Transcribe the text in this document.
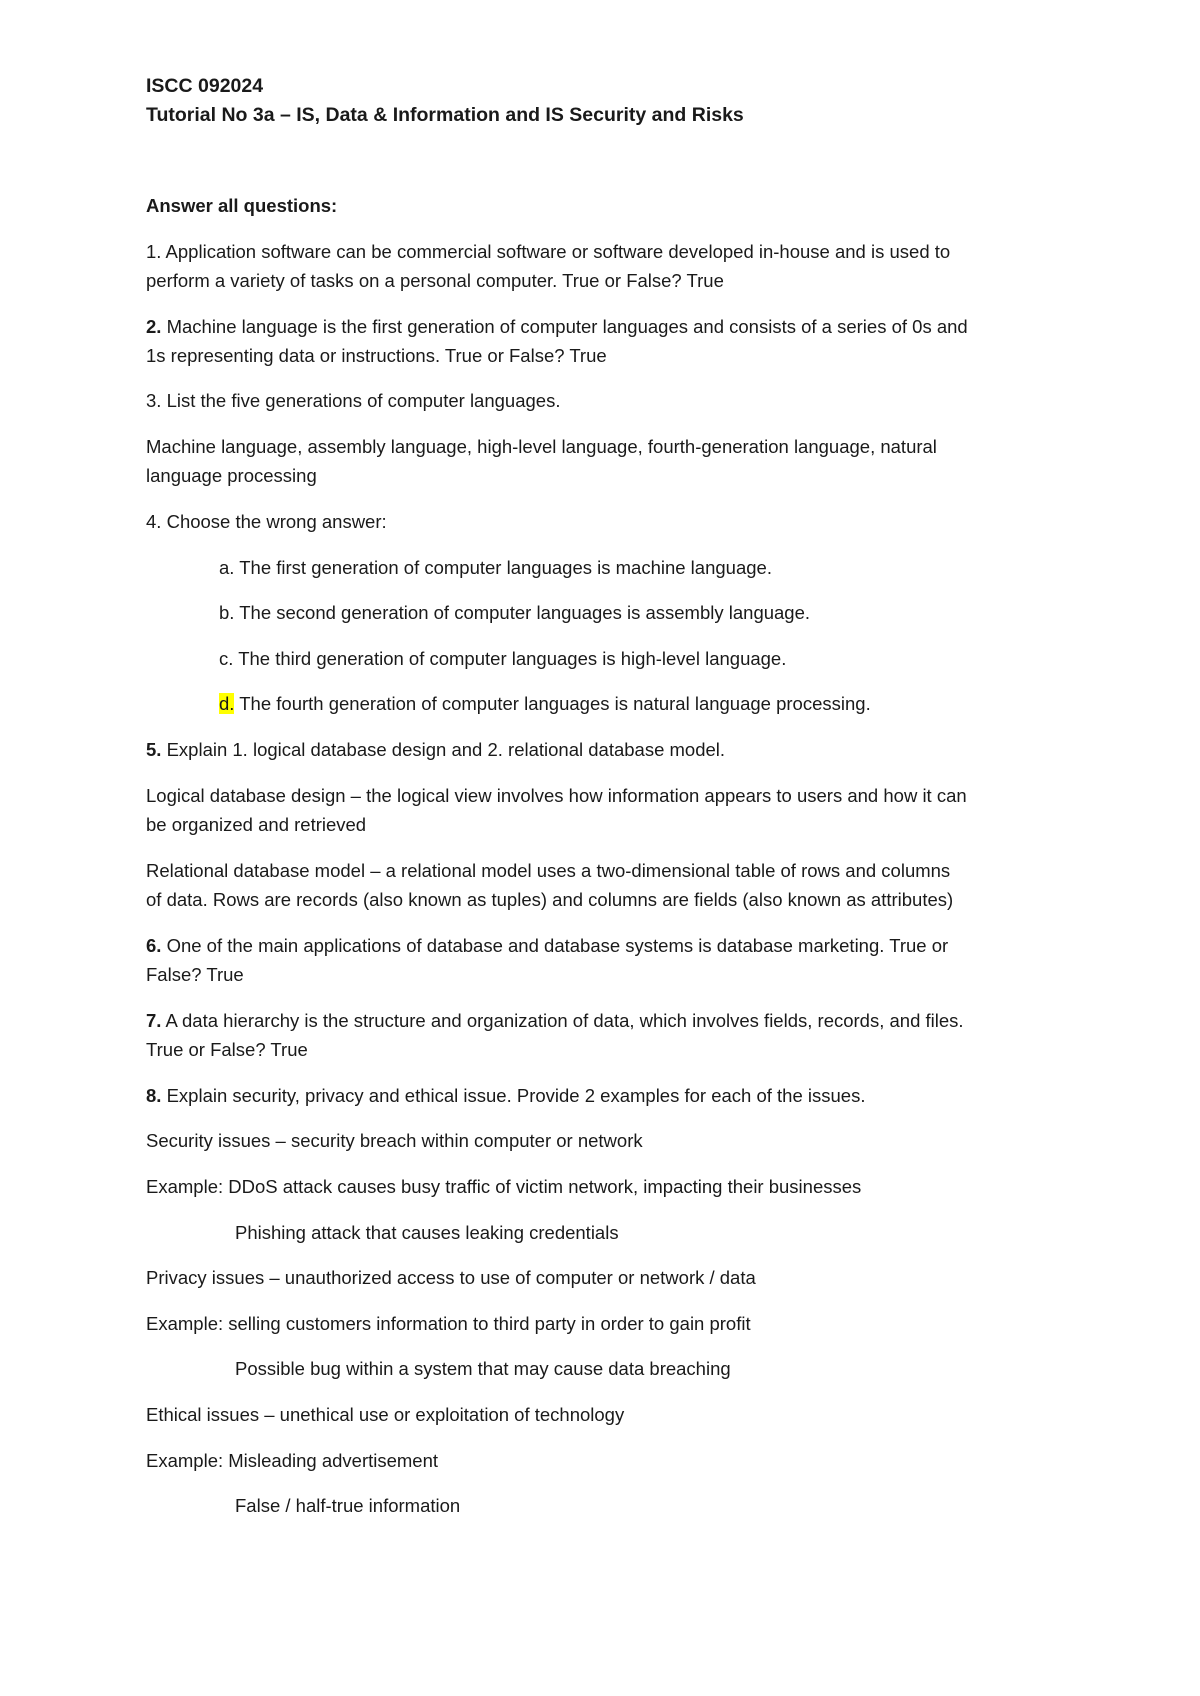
ISCC 092024
Tutorial No 3a – IS, Data & Information and IS Security and Risks
Answer all questions:
1. Application software can be commercial software or software developed in-house and is used to
perform a variety of tasks on a personal computer. True or False? True
2. Machine language is the first generation of computer languages and consists of a series of 0s and
1s representing data or instructions. True or False? True
3. List the five generations of computer languages.
Machine language, assembly language, high-level language, fourth-generation language, natural
language processing
4. Choose the wrong answer:
a. The first generation of computer languages is machine language.
b. The second generation of computer languages is assembly language.
c. The third generation of computer languages is high-level language.
d. The fourth generation of computer languages is natural language processing.
5. Explain 1. logical database design and 2. relational database model.
Logical database design – the logical view involves how information appears to users and how it can
be organized and retrieved
Relational database model – a relational model uses a two-dimensional table of rows and columns
of data. Rows are records (also known as tuples) and columns are fields (also known as attributes)
6. One of the main applications of database and database systems is database marketing. True or
False? True
7. A data hierarchy is the structure and organization of data, which involves fields, records, and files.
True or False? True
8. Explain security, privacy and ethical issue. Provide 2 examples for each of the issues.
Security issues – security breach within computer or network
Example: DDoS attack causes busy traffic of victim network, impacting their businesses
Phishing attack that causes leaking credentials
Privacy issues – unauthorized access to use of computer or network / data
Example: selling customers information to third party in order to gain profit
Possible bug within a system that may cause data breaching
Ethical issues – unethical use or exploitation of technology
Example: Misleading advertisement
False / half-true information
